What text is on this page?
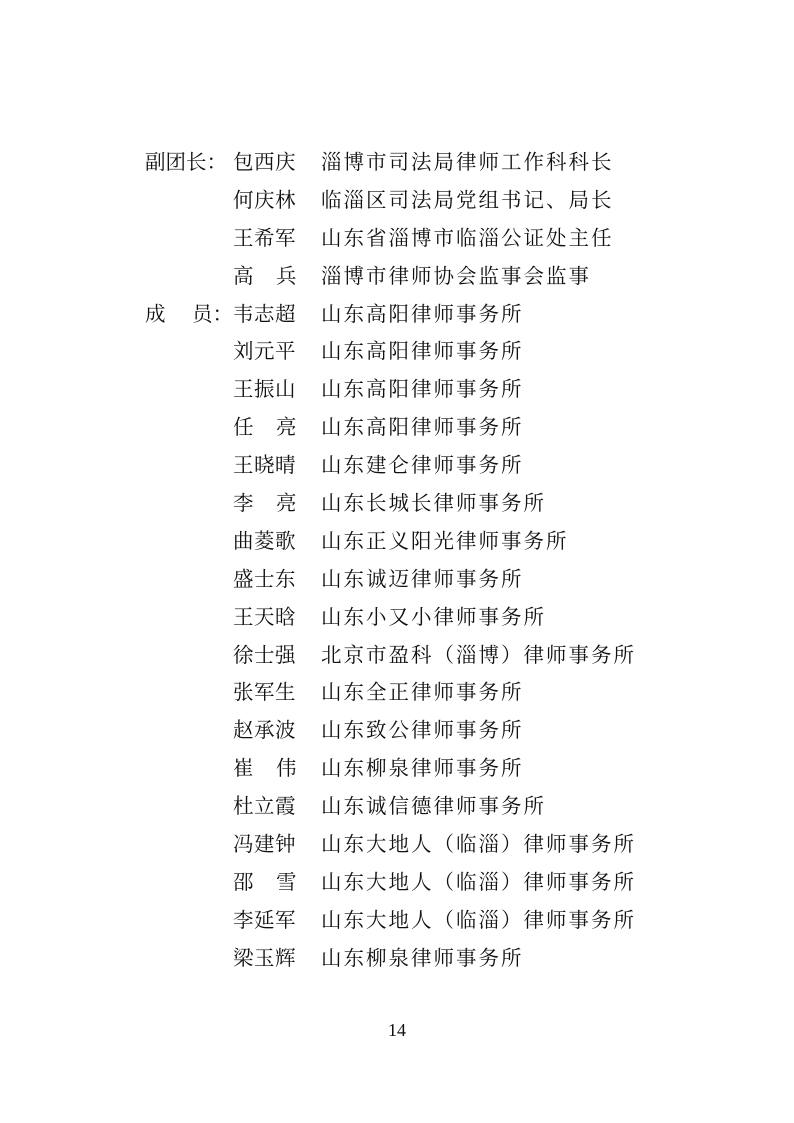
副团长： 包西庆	淄博市司法局律师工作科科长
何庆林	临淄区司法局党组书记、局长
王希军	山东省淄博市临淄公证处主任
高 兵 淄博市律师协会监事会监事
成 员： 韦志超	山东高阳律师事务所
刘元平	山东高阳律师事务所
王振山	山东高阳律师事务所
任 亮 山东高阳律师事务所
王晓晴	山东建仑律师事务所
李 亮 山东长城长律师事务所
曲菱歌	山东正义阳光律师事务所
盛士东	山东诚迈律师事务所
王天晗	山东小又小律师事务所
徐士强	北京市盈科（淄博）律师事务所
张军生	山东全正律师事务所
赵承波	山东致公律师事务所
崔 伟 山东柳泉律师事务所
杜立霞	山东诚信德律师事务所
冯建钟	山东大地人（临淄）律师事务所
邵 雪 山东大地人（临淄）律师事务所
李延军	山东大地人（临淄）律师事务所
梁玉辉	山东柳泉律师事务所
14
